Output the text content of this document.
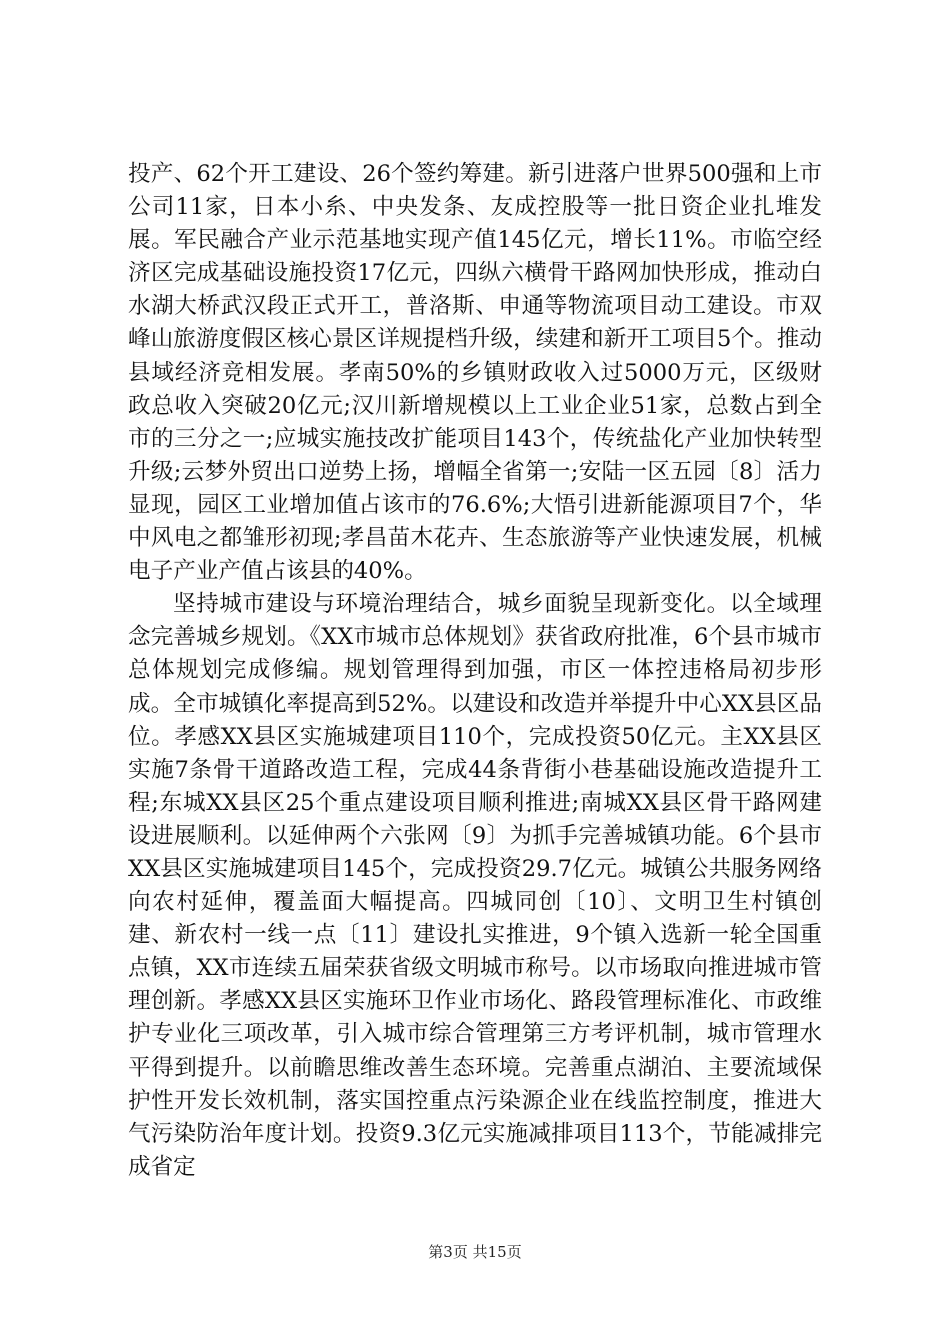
投产、62个开工建设、26个签约筹建。新引进落户世界500强和上市公司11家，日本小糸、中央发条、友成控股等一批日资企业扎堆发展。军民融合产业示范基地实现产值145亿元，增长11%。市临空经济区完成基础设施投资17亿元，四纵六横骨干路网加快形成，推动白水湖大桥武汉段正式开工，普洛斯、申通等物流项目动工建设。市双峰山旅游度假区核心景区详规提档升级，续建和新开工项目5个。推动县域经济竞相发展。孝南50%的乡镇财政收入过5000万元，区级财政总收入突破20亿元;汉川新增规模以上工业企业51家，总数占到全市的三分之一;应城实施技改扩能项目143个，传统盐化产业加快转型升级;云梦外贸出口逆势上扬，增幅全省第一;安陆一区五园〔8〕活力显现，园区工业增加值占该市的76.6%;大悟引进新能源项目7个，华中风电之都雏形初现;孝昌苗木花卉、生态旅游等产业快速发展，机械电子产业产值占该县的40%。

坚持城市建设与环境治理结合，城乡面貌呈现新变化。以全域理念完善城乡规划。《XX市城市总体规划》获省政府批准，6个县市城市总体规划完成修编。规划管理得到加强，市区一体控违格局初步形成。全市城镇化率提高到52%。以建设和改造并举提升中心XX县区品位。孝感XX县区实施城建项目110个，完成投资50亿元。主XX县区实施7条骨干道路改造工程，完成44条背街小巷基础设施改造提升工程;东城XX县区25个重点建设项目顺利推进;南城XX县区骨干路网建设进展顺利。以延伸两个六张网〔9〕为抓手完善城镇功能。6个县市XX县区实施城建项目145个，完成投资29.7亿元。城镇公共服务网络向农村延伸，覆盖面大幅提高。四城同创〔10〕、文明卫生村镇创建、新农村一线一点〔11〕建设扎实推进，9个镇入选新一轮全国重点镇，XX市连续五届荣获省级文明城市称号。以市场取向推进城市管理创新。孝感XX县区实施环卫作业市场化、路段管理标准化、市政维护专业化三项改革，引入城市综合管理第三方考评机制，城市管理水平得到提升。以前瞻思维改善生态环境。完善重点湖泊、主要流域保护性开发长效机制，落实国控重点污染源企业在线监控制度，推进大气污染防治年度计划。投资9.3亿元实施减排项目113个，节能减排完成省定

第3页 共15页
